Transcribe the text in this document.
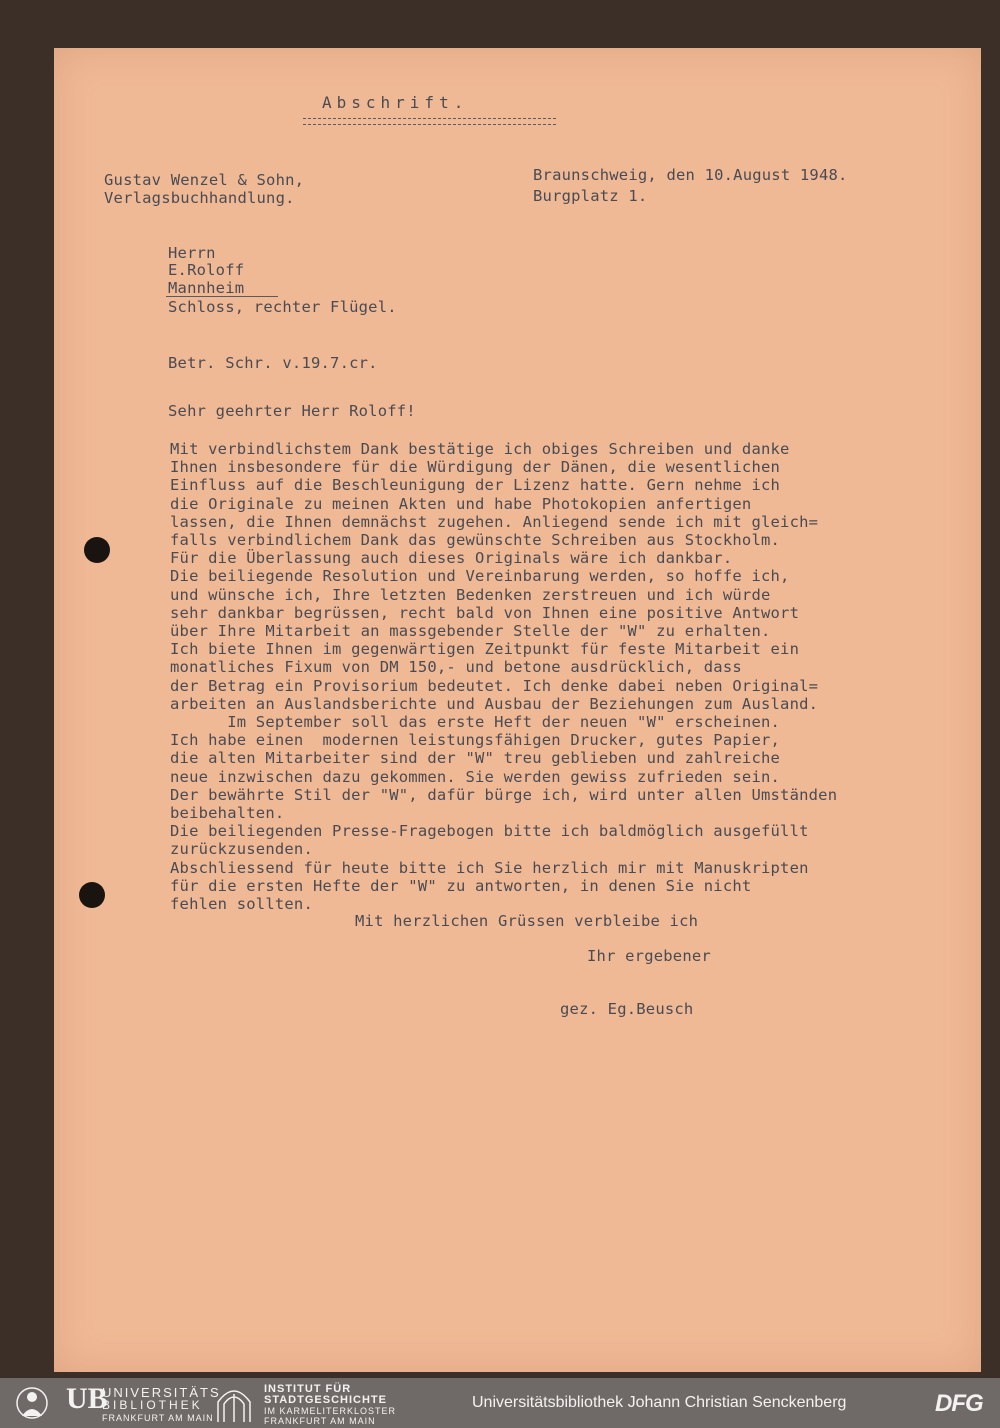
Abschrift.
Gustav Wenzel & Sohn,
Verlagsbuchhandlung.
Braunschweig, den 10.August 1948.
Burgplatz 1.
Herrn
E.Roloff
Mannheim
Schloss, rechter Flügel.
Betr. Schr. v.19.7.cr.
Sehr geehrter Herr Roloff!
Mit verbindlichstem Dank bestätige ich obiges Schreiben und danke
Ihnen insbesondere für die Würdigung der Dänen, die wesentlichen
Einfluss auf die Beschleunigung der Lizenz hatte. Gern nehme ich
die Originale zu meinen Akten und habe Photokopien anfertigen
lassen, die Ihnen demnächst zugehen. Anliegend sende ich mit gleich=
falls verbindlichem Dank das gewünschte Schreiben aus Stockholm.
Für die Überlassung auch dieses Originals wäre ich dankbar.
Die beiliegende Resolution und Vereinbarung werden, so hoffe ich,
und wünsche ich, Ihre letzten Bedenken zerstreuen und ich würde
sehr dankbar begrüssen, recht bald von Ihnen eine positive Antwort
über Ihre Mitarbeit an massgebender Stelle der "W" zu erhalten.
Ich biete Ihnen im gegenwärtigen Zeitpunkt für feste Mitarbeit ein
monatliches Fixum von DM 150,- und betone ausdrücklich, dass
der Betrag ein Provisorium bedeutet. Ich denke dabei neben Original=
arbeiten an Auslandsberichte und Ausbau der Beziehungen zum Ausland.
Im September soll das erste Heft der neuen "W" erscheinen.
Ich habe einen  modernen leistungsfähigen Drucker, gutes Papier,
die alten Mitarbeiter sind der "W" treu geblieben und zahlreiche
neue inzwischen dazu gekommen. Sie werden gewiss zufrieden sein.
Der bewährte Stil der "W", dafür bürge ich, wird unter allen Umständen
beibehalten.
Die beiliegenden Presse-Fragebogen bitte ich baldmöglich ausgefüllt
zurückzusenden.
Abschliessend für heute bitte ich Sie herzlich mir mit Manuskripten
für die ersten Hefte der "W" zu antworten, in denen Sie nicht
fehlen sollten.
Mit herzlichen Grüssen verbleibe ich
Ihr ergebener
gez. Eg.Beusch
UB
UNIVERSITÄTS
BIBLIOTHEK
FRANKFURT AM MAIN
INSTITUT FÜR
STADTGESCHICHTE
IM KARMELITERKLOSTER
FRANKFURT AM MAIN
Universitätsbibliothek Johann Christian Senckenberg	DFG
